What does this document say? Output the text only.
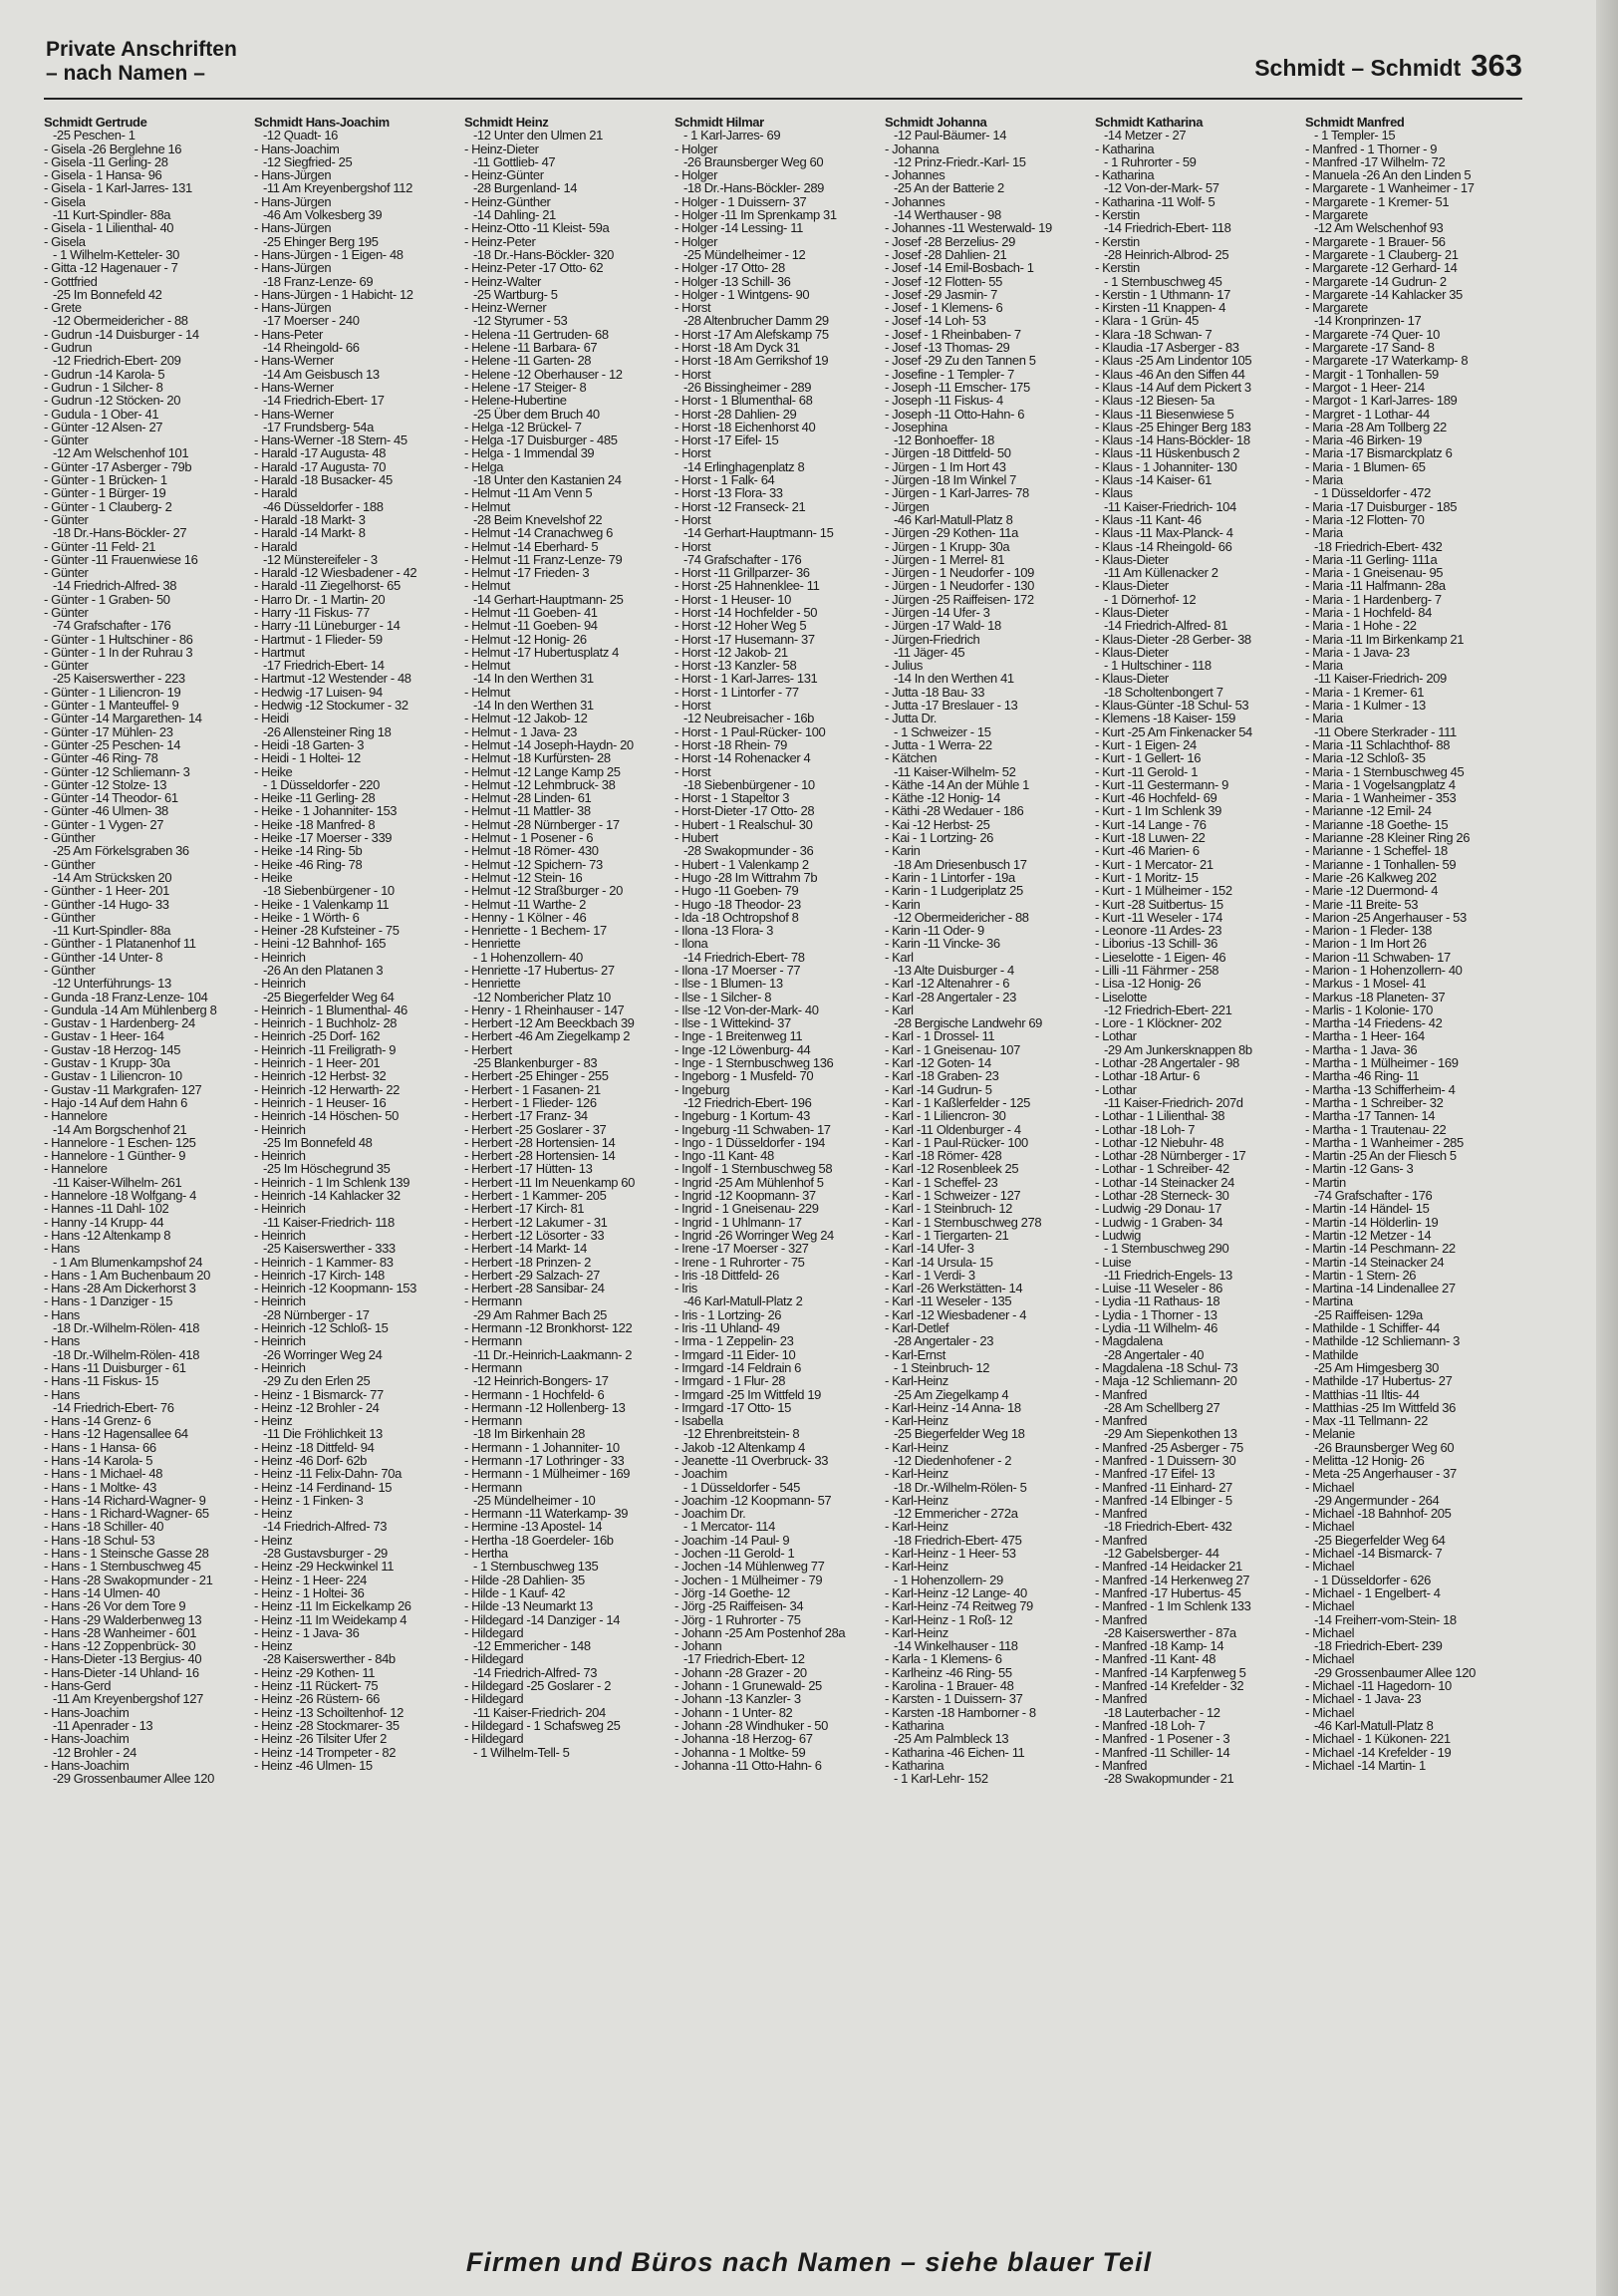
Private Anschriften
– nach Namen –	Schmidt – Schmidt 363
Schmidt Gertrude
-25 Peschen- 1
- Gisela -26 Berglehne 16
- Gisela -11 Gerling- 28
- Gisela - 1 Hansa- 96
- Gisela - 1 Karl-Jarres- 131
- Gisela
-11 Kurt-Spindler- 88a
- Gisela - 1 Lilienthal- 40
- Gisela
- 1 Wilhelm-Ketteler- 30
- Gitta -12 Hagenauer - 7
- Gottfried
-25 Im Bonnefeld 42
- Grete
-12 Obermeidericher - 88
- Gudrun -14 Duisburger - 14
- Gudrun
-12 Friedrich-Ebert- 209
- Gudrun -14 Karola- 5
- Gudrun - 1 Silcher- 8
- Gudrun -12 Stöcken- 20
- Gudula - 1 Ober- 41
- Günter -12 Alsen- 27
- Günter
-12 Am Welschenhof 101
- Günter -17 Asberger - 79b
- Günter - 1 Brücken- 1
- Günter - 1 Bürger- 19
- Günter - 1 Clauberg- 2
- Günter
-18 Dr.-Hans-Böckler- 27
- Günter -11 Feld- 21
- Günter -11 Frauenwiese 16
- Günter
-14 Friedrich-Alfred- 38
- Günter - 1 Graben- 50
- Günter
-74 Grafschafter - 176
- Günter - 1 Hultschiner - 86
- Günter - 1 In der Ruhrau 3
- Günter
-25 Kaiserswerther - 223
- Günter - 1 Liliencron- 19
- Günter - 1 Manteuffel- 9
- Günter -14 Margarethen- 14
- Günter -17 Mühlen- 23
- Günter -25 Peschen- 14
- Günter -46 Ring- 78
- Günter -12 Schliemann- 3
- Günter -12 Stolze- 13
- Günter -14 Theodor- 61
- Günter -46 Ulmen- 38
- Günter - 1 Vygen- 27
- Günther
-25 Am Förkelsgraben 36
- Günther
-14 Am Strücksken 20
- Günther - 1 Heer- 201
- Günther -14 Hugo- 33
- Günther
-11 Kurt-Spindler- 88a
- Günther - 1 Platanenhof 11
- Günther -14 Unter- 8
- Günther
-12 Unterführungs- 13
- Gunda -18 Franz-Lenze- 104
- Gundula -14 Am Mühlenberg 8
- Gustav - 1 Hardenberg- 24
- Gustav - 1 Heer- 164
- Gustav -18 Herzog- 145
- Gustav - 1 Krupp- 30a
- Gustav - 1 Liliencron- 10
- Gustav -11 Markgrafen- 127
- Hajo -14 Auf dem Hahn 6
- Hannelore
-14 Am Borgschenhof 21
- Hannelore - 1 Eschen- 125
- Hannelore - 1 Günther- 9
- Hannelore
-11 Kaiser-Wilhelm- 261
- Hannelore -18 Wolfgang- 4
- Hannes -11 Dahl- 102
- Hanny -14 Krupp- 44
- Hans -12 Altenkamp 8
- Hans
- 1 Am Blumenkampshof 24
- Hans - 1 Am Buchenbaum 20
- Hans -28 Am Dickerhorst 3
- Hans - 1 Danziger - 15
- Hans
-18 Dr.-Wilhelm-Rölen- 418
- Hans
-18 Dr.-Wilhelm-Rölen- 418
- Hans -11 Duisburger - 61
- Hans -11 Fiskus- 15
- Hans
-14 Friedrich-Ebert- 76
- Hans -14 Grenz- 6
- Hans -12 Hagensallee 64
- Hans - 1 Hansa- 66
- Hans -14 Karola- 5
- Hans - 1 Michael- 48
- Hans - 1 Moltke- 43
- Hans -14 Richard-Wagner- 9
- Hans - 1 Richard-Wagner- 65
- Hans -18 Schiller- 40
- Hans -18 Schul- 53
- Hans - 1 Steinsche Gasse 28
- Hans - 1 Sternbuschweg 45
- Hans -28 Swakopmunder - 21
- Hans -14 Ulmen- 40
- Hans -26 Vor dem Tore 9
- Hans -29 Walderbenweg 13
- Hans -28 Wanheimer - 601
- Hans -12 Zoppenbrück- 30
- Hans-Dieter -13 Bergius- 40
- Hans-Dieter -14 Uhland- 16
- Hans-Gerd
-11 Am Kreyenbergshof 127
- Hans-Joachim
-11 Apenrader - 13
- Hans-Joachim
-12 Brohler - 24
- Hans-Joachim
-29 Grossenbaumer Allee 120
Schmidt Hans-Joachim
-12 Quadt- 16
- Hans-Joachim
-12 Siegfried- 25
- Hans-Jürgen
-11 Am Kreyenbergshof 112
- Hans-Jürgen
-46 Am Volkesberg 39
- Hans-Jürgen
-25 Ehinger Berg 195
- Hans-Jürgen - 1 Eigen- 48
- Hans-Jürgen
-18 Franz-Lenze- 69
- Hans-Jürgen - 1 Habicht- 12
- Hans-Jürgen
-17 Moerser - 240
- Hans-Peter
-14 Rheingold- 66
- Hans-Werner
-14 Am Geisbusch 13
- Hans-Werner
-14 Friedrich-Ebert- 17
- Hans-Werner
-17 Frundsberg- 54a
- Hans-Werner -18 Stern- 45
- Harald -17 Augusta- 48
- Harald -17 Augusta- 70
- Harald -18 Busacker- 45
- Harald
-46 Düsseldorfer - 188
- Harald -18 Markt- 3
- Harald -14 Markt- 8
- Harald
-12 Münstereifeler - 3
- Harald -12 Wiesbadener - 42
- Harald -11 Ziegelhorst- 65
- Harro Dr. - 1 Martin- 20
- Harry -11 Fiskus- 77
- Harry -11 Lüneburger - 14
- Hartmut - 1 Flieder- 59
- Hartmut
-17 Friedrich-Ebert- 14
- Hartmut -12 Westender - 48
- Hedwig -17 Luisen- 94
- Hedwig -12 Stockumer - 32
- Heidi
-26 Allensteiner Ring 18
- Heidi -18 Garten- 3
- Heidi - 1 Holtei- 12
- Heike
- 1 Düsseldorfer - 220
- Heike -11 Gerling- 28
- Heike - 1 Johanniter- 153
- Heike -18 Manfred- 8
- Heike -17 Moerser - 339
- Heike -14 Ring- 5b
- Heike -46 Ring- 78
- Heike
-18 Siebenbürgener - 10
- Heike - 1 Valenkamp 11
- Heike - 1 Wörth- 6
- Heiner -28 Kufsteiner - 75
- Heini -12 Bahnhof- 165
- Heinrich
-26 An den Platanen 3
- Heinrich
-25 Biegerfelder Weg 64
- Heinrich - 1 Blumenthal- 46
- Heinrich - 1 Buchholz- 28
- Heinrich -25 Dorf- 162
- Heinrich -11 Freiligrath- 9
- Heinrich - 1 Heer- 201
- Heinrich -12 Herbst- 32
- Heinrich -12 Herwarth- 22
- Heinrich - 1 Heuser- 16
- Heinrich -14 Höschen- 50
- Heinrich
-25 Im Bonnefeld 48
- Heinrich
-25 Im Höschegrund 35
- Heinrich - 1 Im Schlenk 139
- Heinrich -14 Kahlacker 32
- Heinrich
-11 Kaiser-Friedrich- 118
- Heinrich
-25 Kaiserswerther - 333
- Heinrich - 1 Kammer- 83
- Heinrich -17 Kirch- 148
- Heinrich -12 Koopmann- 153
- Heinrich
-28 Nürnberger - 17
- Heinrich -12 Schloß- 15
- Heinrich
-26 Worringer Weg 24
- Heinrich
-29 Zu den Erlen 25
- Heinz - 1 Bismarck- 77
- Heinz -12 Brohler - 24
- Heinz
-11 Die Fröhlichkeit 13
- Heinz -18 Dittfeld- 94
- Heinz -46 Dorf- 62b
- Heinz -11 Felix-Dahn- 70a
- Heinz -14 Ferdinand- 15
- Heinz - 1 Finken- 3
- Heinz
-14 Friedrich-Alfred- 73
- Heinz
-28 Gustavsburger - 29
- Heinz -29 Heckwinkel 11
- Heinz - 1 Heer- 224
- Heinz - 1 Holtei- 36
- Heinz -11 Im Eickelkamp 26
- Heinz -11 Im Weidekamp 4
- Heinz - 1 Java- 36
- Heinz
-28 Kaiserswerther - 84b
- Heinz -29 Kothen- 11
- Heinz -11 Rückert- 75
- Heinz -26 Rüstern- 66
- Heinz -13 Schoiltenhof- 12
- Heinz -28 Stockmarer- 35
- Heinz -26 Tilsiter Ufer 2
- Heinz -14 Trompeter - 82
- Heinz -46 Ulmen- 15
Schmidt Heinz
-12 Unter den Ulmen 21
- Heinz-Dieter
-11 Gottlieb- 47
- Heinz-Günter
-28 Burgenland- 14
- Heinz-Günther
-14 Dahling- 21
- Heinz-Otto -11 Kleist- 59a
- Heinz-Peter
-18 Dr.-Hans-Böckler- 320
- Heinz-Peter -17 Otto- 62
- Heinz-Walter
-25 Wartburg- 5
- Heinz-Werner
-12 Styrumer - 53
- Helena -11 Gertruden- 68
- Helene -11 Barbara- 67
- Helene -11 Garten- 28
- Helene -12 Oberhauser - 12
- Helene -17 Steiger- 8
- Helene-Hubertine
-25 Über dem Bruch 40
- Helga -12 Brückel- 7
- Helga -17 Duisburger - 485
- Helga - 1 Immendal 39
- Helga
-18 Unter den Kastanien 24
- Helmut -11 Am Venn 5
- Helmut
-28 Beim Knevelshof 22
- Helmut -14 Cranachweg 6
- Helmut -14 Eberhard- 5
- Helmut -11 Franz-Lenze- 79
- Helmut -17 Frieden- 3
- Helmut
-14 Gerhart-Hauptmann- 25
- Helmut -11 Goeben- 41
- Helmut -11 Goeben- 94
- Helmut -12 Honig- 26
- Helmut -17 Hubertusplatz 4
- Helmut
-14 In den Werthen 31
- Helmut
-14 In den Werthen 31
- Helmut -12 Jakob- 12
- Helmut - 1 Java- 23
- Helmut -14 Joseph-Haydn- 20
- Helmut -18 Kurfürsten- 28
- Helmut -12 Lange Kamp 25
- Helmut -12 Lehmbruck- 38
- Helmut -28 Linden- 61
- Helmut -11 Mattler- 38
- Helmut -28 Nürnberger - 17
- Helmut - 1 Posener - 6
- Helmut -18 Römer- 430
- Helmut -12 Spichern- 73
- Helmut -12 Stein- 16
- Helmut -12 Straßburger - 20
- Helmut -11 Warthe- 2
- Henny - 1 Kölner - 46
- Henriette - 1 Bechem- 17
- Henriette
- 1 Hohenzollern- 40
- Henriette -17 Hubertus- 27
- Henriette
-12 Nombericher Platz 10
- Henry - 1 Rheinhauser - 147
- Herbert -12 Am Beeckbach 39
- Herbert -46 Am Ziegelkamp 2
- Herbert
-25 Blankenburger - 83
- Herbert -25 Ehinger - 255
- Herbert - 1 Fasanen- 21
- Herbert - 1 Flieder- 126
- Herbert -17 Franz- 34
- Herbert -25 Goslarer - 37
- Herbert -28 Hortensien- 14
- Herbert -28 Hortensien- 14
- Herbert -17 Hütten- 13
- Herbert -11 Im Neuenkamp 60
- Herbert - 1 Kammer- 205
- Herbert -17 Kirch- 81
- Herbert -12 Lakumer - 31
- Herbert -12 Lösorter - 33
- Herbert -14 Markt- 14
- Herbert -18 Prinzen- 2
- Herbert -29 Salzach- 27
- Herbert -28 Sansibar- 24
- Hermann
-29 Am Rahmer Bach 25
- Hermann -12 Bronkhorst- 122
- Hermann
-11 Dr.-Heinrich-Laakmann- 2
- Hermann
-12 Heinrich-Bongers- 17
- Hermann - 1 Hochfeld- 6
- Hermann -12 Hollenberg- 13
- Hermann
-18 Im Birkenhain 28
- Hermann - 1 Johanniter- 10
- Hermann -17 Lothringer - 33
- Hermann - 1 Mülheimer - 169
- Hermann
-25 Mündelheimer - 10
- Hermann -11 Waterkamp- 39
- Hermine -13 Apostel- 14
- Hertha -18 Goerdeler- 16b
- Hertha
- 1 Sternbuschweg 135
- Hilde -28 Dahlien- 35
- Hilde - 1 Kauf- 42
- Hilde -13 Neumarkt 13
- Hildegard -14 Danziger - 14
- Hildegard
-12 Emmericher - 148
- Hildegard
-14 Friedrich-Alfred- 73
- Hildegard -25 Goslarer - 2
- Hildegard
-11 Kaiser-Friedrich- 204
- Hildegard - 1 Schafsweg 25
- Hildegard
- 1 Wilhelm-Tell- 5
Schmidt Hilmar
- 1 Karl-Jarres- 69
- Holger
-26 Braunsberger Weg 60
- Holger
-18 Dr.-Hans-Böckler- 289
- Holger - 1 Duissern- 37
- Holger -11 Im Sprenkamp 31
- Holger -14 Lessing- 11
- Holger
-25 Mündelheimer - 12
- Holger -17 Otto- 28
- Holger -13 Schill- 36
- Holger - 1 Wintgens- 90
- Horst
-28 Altenbrucher Damm 29
- Horst -17 Am Alefskamp 75
- Horst -18 Am Dyck 31
- Horst -18 Am Gerrikshof 19
- Horst
-26 Bissingheimer - 289
- Horst - 1 Blumenthal- 68
- Horst -28 Dahlien- 29
- Horst -18 Eichenhorst 40
- Horst -17 Eifel- 15
- Horst
-14 Erlinghagenplatz 8
- Horst - 1 Falk- 64
- Horst -13 Flora- 33
- Horst -12 Franseck- 21
- Horst
-14 Gerhart-Hauptmann- 15
- Horst
-74 Grafschafter - 176
- Horst -11 Grillparzer- 36
- Horst -25 Hahnenklee- 11
- Horst - 1 Heuser- 10
- Horst -14 Hochfelder - 50
- Horst -12 Hoher Weg 5
- Horst -17 Husemann- 37
- Horst -12 Jakob- 21
- Horst -13 Kanzler- 58
- Horst - 1 Karl-Jarres- 131
- Horst - 1 Lintorfer - 77
- Horst
-12 Neubreisacher - 16b
- Horst - 1 Paul-Rücker- 100
- Horst -18 Rhein- 79
- Horst -14 Rohenacker 4
- Horst
-18 Siebenbürgener - 10
- Horst - 1 Stapeltor 3
- Horst-Dieter -17 Otto- 28
- Hubert - 1 Realschul- 30
- Hubert
-28 Swakopmunder - 36
- Hubert - 1 Valenkamp 2
- Hugo -28 Im Wittrahm 7b
- Hugo -11 Goeben- 79
- Hugo -18 Theodor- 23
- Ida -18 Ochtropshof 8
- Ilona -13 Flora- 3
- Ilona
-14 Friedrich-Ebert- 78
- Ilona -17 Moerser - 77
- Ilse - 1 Blumen- 13
- Ilse - 1 Silcher- 8
- Ilse -12 Von-der-Mark- 40
- Ilse - 1 Wittekind- 37
- Inge - 1 Breitenweg 11
- Inge -12 Löwenburg- 44
- Inge - 1 Sternbuschweg 136
- Ingeborg - 1 Musfeld- 70
- Ingeburg
-12 Friedrich-Ebert- 196
- Ingeburg - 1 Kortum- 43
- Ingeburg -11 Schwaben- 17
- Ingo - 1 Düsseldorfer - 194
- Ingo -11 Kant- 48
- Ingolf - 1 Sternbuschweg 58
- Ingrid -25 Am Mühlenhof 5
- Ingrid -12 Koopmann- 37
- Ingrid - 1 Gneisenau- 229
- Ingrid - 1 Uhlmann- 17
- Ingrid -26 Worringer Weg 24
- Irene -17 Moerser - 327
- Irene - 1 Ruhrorter - 75
- Iris -18 Dittfeld- 26
- Iris
-46 Karl-Matull-Platz 2
- Iris - 1 Lortzing- 26
- Iris -11 Uhland- 49
- Irma - 1 Zeppelin- 23
- Irmgard -11 Eider- 10
- Irmgard -14 Feldrain 6
- Irmgard - 1 Flur- 28
- Irmgard -25 Im Wittfeld 19
- Irmgard -17 Otto- 15
- Isabella
-12 Ehrenbreitstein- 8
- Jakob -12 Altenkamp 4
- Jeanette -11 Overbruck- 33
- Joachim
- 1 Düsseldorfer - 545
- Joachim -12 Koopmann- 57
- Joachim Dr.
- 1 Mercator- 114
- Joachim -14 Paul- 9
- Jochen -11 Gerold- 1
- Jochen -14 Mühlenweg 77
- Jochen - 1 Mülheimer - 79
- Jörg -14 Goethe- 12
- Jörg -25 Raiffeisen- 34
- Jörg - 1 Ruhrorter - 75
- Johann -25 Am Postenhof 28a
- Johann
-17 Friedrich-Ebert- 12
- Johann -28 Grazer - 20
- Johann - 1 Grunewald- 25
- Johann -13 Kanzler- 3
- Johann - 1 Unter- 82
- Johann -28 Windhuker - 50
- Johanna -18 Herzog- 67
- Johanna - 1 Moltke- 59
- Johanna -11 Otto-Hahn- 6
Schmidt Johanna
-12 Paul-Bäumer- 14
- Johanna
-12 Prinz-Friedr.-Karl- 15
- Johannes
-25 An der Batterie 2
- Johannes
-14 Werthauser - 98
- Johannes -11 Westerwald- 19
- Josef -28 Berzelius- 29
- Josef -28 Dahlien- 21
- Josef -14 Emil-Bosbach- 1
- Josef -12 Flotten- 55
- Josef -29 Jasmin- 7
- Josef - 1 Klemens- 6
- Josef -14 Loh- 53
- Josef - 1 Rheinbaben- 7
- Josef -13 Thomas- 29
- Josef -29 Zu den Tannen 5
- Josefine - 1 Templer- 7
- Joseph -11 Emscher- 175
- Joseph -11 Fiskus- 4
- Joseph -11 Otto-Hahn- 6
- Josephina
-12 Bonhoeffer- 18
- Jürgen -18 Dittfeld- 50
- Jürgen - 1 Im Hort 43
- Jürgen -18 Im Winkel 7
- Jürgen - 1 Karl-Jarres- 78
- Jürgen
-46 Karl-Matull-Platz 8
- Jürgen -29 Kothen- 11a
- Jürgen - 1 Krupp- 30a
- Jürgen - 1 Merrel- 81
- Jürgen - 1 Neudorfer - 109
- Jürgen - 1 Neudorfer - 130
- Jürgen -25 Raiffeisen- 172
- Jürgen -14 Ufer- 3
- Jürgen -17 Wald- 18
- Jürgen-Friedrich
-11 Jäger- 45
- Julius
-14 In den Werthen 41
- Jutta -18 Bau- 33
- Jutta -17 Breslauer - 13
- Jutta Dr.
- 1 Schweizer - 15
- Jutta - 1 Werra- 22
- Kätchen
-11 Kaiser-Wilhelm- 52
- Käthe -14 An der Mühle 1
- Käthe -12 Honig- 14
- Käthi -28 Wedauer - 186
- Kai -12 Herbst- 25
- Kai - 1 Lortzing- 26
- Karin
-18 Am Driesenbusch 17
- Karin - 1 Lintorfer - 19a
- Karin - 1 Ludgeriplatz 25
- Karin
-12 Obermeidericher - 88
- Karin -11 Oder- 9
- Karin -11 Vincke- 36
- Karl
-13 Alte Duisburger - 4
- Karl -12 Altenahrer - 6
- Karl -28 Angertaler - 23
- Karl
-28 Bergische Landwehr 69
- Karl - 1 Drossel- 11
- Karl - 1 Gneisenau- 107
- Karl -12 Goten- 14
- Karl -18 Graben- 23
- Karl -14 Gudrun- 5
- Karl - 1 Kaßlerfelder - 125
- Karl - 1 Liliencron- 30
- Karl -11 Oldenburger - 4
- Karl - 1 Paul-Rücker- 100
- Karl -18 Römer- 428
- Karl -12 Rosenbleek 25
- Karl - 1 Scheffel- 23
- Karl - 1 Schweizer - 127
- Karl - 1 Steinbruch- 12
- Karl - 1 Sternbuschweg 278
- Karl - 1 Tiergarten- 21
- Karl -14 Ufer- 3
- Karl -14 Ursula- 15
- Karl - 1 Verdi- 3
- Karl -26 Werkstätten- 14
- Karl -11 Weseler - 135
- Karl -12 Wiesbadener - 4
- Karl-Detlef
-28 Angertaler - 23
- Karl-Ernst
- 1 Steinbruch- 12
- Karl-Heinz
-25 Am Ziegelkamp 4
- Karl-Heinz -14 Anna- 18
- Karl-Heinz
-25 Biegerfelder Weg 18
- Karl-Heinz
-12 Diedenhofener - 2
- Karl-Heinz
-18 Dr.-Wilhelm-Rölen- 5
- Karl-Heinz
-12 Emmericher - 272a
- Karl-Heinz
-18 Friedrich-Ebert- 475
- Karl-Heinz - 1 Heer- 53
- Karl-Heinz
- 1 Hohenzollern- 29
- Karl-Heinz -12 Lange- 40
- Karl-Heinz -74 Reitweg 79
- Karl-Heinz - 1 Roß- 12
- Karl-Heinz
-14 Winkelhauser - 118
- Karla - 1 Klemens- 6
- Karlheinz -46 Ring- 55
- Karolina - 1 Brauer- 48
- Karsten - 1 Duissern- 37
- Karsten -18 Hamborner - 8
- Katharina
-25 Am Palmbleck 13
- Katharina -46 Eichen- 11
- Katharina
- 1 Karl-Lehr- 152
Schmidt Katharina
-14 Metzer - 27
- Katharina
- 1 Ruhrorter - 59
- Katharina
-12 Von-der-Mark- 57
- Katharina -11 Wolf- 5
- Kerstin
-14 Friedrich-Ebert- 118
- Kerstin
-28 Heinrich-Albrod- 25
- Kerstin
- 1 Sternbuschweg 45
- Kerstin - 1 Uthmann- 17
- Kirsten -11 Knappen- 4
- Klara - 1 Grün- 45
- Klara -18 Schwan- 7
- Klaudia -17 Asberger - 83
- Klaus -25 Am Lindentor 105
- Klaus -46 An den Siffen 44
- Klaus -14 Auf dem Pickert 3
- Klaus -12 Biesen- 5a
- Klaus -11 Biesenwiese 5
- Klaus -25 Ehinger Berg 183
- Klaus -14 Hans-Böckler- 18
- Klaus -11 Hüskenbusch 2
- Klaus - 1 Johanniter- 130
- Klaus -14 Kaiser- 61
- Klaus
-11 Kaiser-Friedrich- 104
- Klaus -11 Kant- 46
- Klaus -11 Max-Planck- 4
- Klaus -14 Rheingold- 66
- Klaus-Dieter
-11 Am Küllenacker 2
- Klaus-Dieter
- 1 Dörnerhof- 12
- Klaus-Dieter
-14 Friedrich-Alfred- 81
- Klaus-Dieter -28 Gerber- 38
- Klaus-Dieter
- 1 Hultschiner - 118
- Klaus-Dieter
-18 Scholtenbongert 7
- Klaus-Günter -18 Schul- 53
- Klemens -18 Kaiser- 159
- Kurt -25 Am Finkenacker 54
- Kurt - 1 Eigen- 24
- Kurt - 1 Gellert- 16
- Kurt -11 Gerold- 1
- Kurt -11 Gestermann- 9
- Kurt -46 Hochfeld- 69
- Kurt - 1 Im Schlenk 39
- Kurt -14 Lange - 76
- Kurt -18 Luwen- 22
- Kurt -46 Marien- 6
- Kurt - 1 Mercator- 21
- Kurt - 1 Moritz- 15
- Kurt - 1 Mülheimer - 152
- Kurt -28 Suitbertus- 15
- Kurt -11 Weseler - 174
- Leonore -11 Ardes- 23
- Liborius -13 Schill- 36
- Lieselotte - 1 Eigen- 46
- Lilli -11 Fährmer - 258
- Lisa -12 Honig- 26
- Liselotte
-12 Friedrich-Ebert- 221
- Lore - 1 Klöckner- 202
- Lothar
-29 Am Junkersknappen 8b
- Lothar -28 Angertaler - 98
- Lothar -18 Artur- 6
- Lothar
-11 Kaiser-Friedrich- 207d
- Lothar - 1 Lilienthal- 38
- Lothar -18 Loh- 7
- Lothar -12 Niebuhr- 48
- Lothar -28 Nürnberger - 17
- Lothar - 1 Schreiber- 42
- Lothar -14 Steinacker 24
- Lothar -28 Sterneck- 30
- Ludwig -29 Donau- 17
- Ludwig - 1 Graben- 34
- Ludwig
- 1 Sternbuschweg 290
- Luise
-11 Friedrich-Engels- 13
- Luise -11 Weseler - 86
- Lydia -11 Rathaus- 18
- Lydia - 1 Thorner - 13
- Lydia -11 Wilhelm- 46
- Magdalena
-28 Angertaler - 40
- Magdalena -18 Schul- 73
- Maja -12 Schliemann- 20
- Manfred
-28 Am Schellberg 27
- Manfred
-29 Am Siepenkothen 13
- Manfred -25 Asberger - 75
- Manfred - 1 Duissern- 30
- Manfred -17 Eifel- 13
- Manfred -11 Einhard- 27
- Manfred -14 Elbinger - 5
- Manfred
-18 Friedrich-Ebert- 432
- Manfred
-12 Gabelsberger- 44
- Manfred -14 Heidacker 21
- Manfred -14 Herkenweg 27
- Manfred -17 Hubertus- 45
- Manfred - 1 Im Schlenk 133
- Manfred
-28 Kaiserswerther - 87a
- Manfred -18 Kamp- 14
- Manfred -11 Kant- 48
- Manfred -14 Karpfenweg 5
- Manfred -14 Krefelder - 32
- Manfred
-18 Lauterbacher - 12
- Manfred -18 Loh- 7
- Manfred - 1 Posener - 3
- Manfred -11 Schiller- 14
- Manfred
-28 Swakopmunder - 21
Schmidt Manfred
- 1 Templer- 15
- Manfred - 1 Thorner - 9
- Manfred -17 Wilhelm- 72
- Manuela -26 An den Linden 5
- Margarete - 1 Wanheimer - 17
- Margarete - 1 Kremer- 51
- Margarete
-12 Am Welschenhof 93
- Margarete - 1 Brauer- 56
- Margarete - 1 Clauberg- 21
- Margarete -12 Gerhard- 14
- Margarete -14 Gudrun- 2
- Margarete -14 Kahlacker 35
- Margarete
-14 Kronprinzen- 17
- Margarete -74 Quer- 10
- Margarete -17 Sand- 8
- Margarete -17 Waterkamp- 8
- Margit - 1 Tonhallen- 59
- Margot - 1 Heer- 214
- Margot - 1 Karl-Jarres- 189
- Margret - 1 Lothar- 44
- Maria -28 Am Tollberg 22
- Maria -46 Birken- 19
- Maria -17 Bismarckplatz 6
- Maria - 1 Blumen- 65
- Maria
- 1 Düsseldorfer - 472
- Maria -17 Duisburger - 185
- Maria -12 Flotten- 70
- Maria
-18 Friedrich-Ebert- 432
- Maria -11 Gerling- 111a
- Maria - 1 Gneisenau- 95
- Maria -11 Halfmann- 28a
- Maria - 1 Hardenberg- 7
- Maria - 1 Hochfeld- 84
- Maria - 1 Hohe - 22
- Maria -11 Im Birkenkamp 21
- Maria - 1 Java- 23
- Maria
-11 Kaiser-Friedrich- 209
- Maria - 1 Kremer- 61
- Maria - 1 Kulmer - 13
- Maria
-11 Obere Sterkrader - 111
- Maria -11 Schlachthof- 88
- Maria -12 Schloß- 35
- Maria - 1 Sternbuschweg 45
- Maria - 1 Vogelsangplatz 4
- Maria - 1 Wanheimer - 353
- Marianne -12 Emil- 24
- Marianne -18 Goethe- 15
- Marianne -28 Kleiner Ring 26
- Marianne - 1 Scheffel- 18
- Marianne - 1 Tonhallen- 59
- Marie -26 Kalkweg 202
- Marie -12 Duermond- 4
- Marie -11 Breite- 53
- Marion -25 Angerhauser - 53
- Marion - 1 Fleder- 138
- Marion - 1 Im Hort 26
- Marion -11 Schwaben- 17
- Marion - 1 Hohenzollern- 40
- Markus - 1 Mosel- 41
- Markus -18 Planeten- 37
- Marlis - 1 Kolonie- 170
- Martha -14 Friedens- 42
- Martha - 1 Heer- 164
- Martha - 1 Java- 36
- Martha - 1 Mülheimer - 169
- Martha -46 Ring- 11
- Martha -13 Schifferheim- 4
- Martha - 1 Schreiber- 32
- Martha -17 Tannen- 14
- Martha - 1 Trautenau- 22
- Martha - 1 Wanheimer - 285
- Martin -25 An der Fliesch 5
- Martin -12 Gans- 3
- Martin
-74 Grafschafter - 176
- Martin -14 Händel- 15
- Martin -14 Hölderlin- 19
- Martin -12 Metzer - 14
- Martin -14 Peschmann- 22
- Martin -14 Steinacker 24
- Martin - 1 Stern- 26
- Martina -14 Lindenallee 27
- Martina
-25 Raiffeisen- 129a
- Mathilde - 1 Schiffer- 44
- Mathilde -12 Schliemann- 3
- Mathilde
-25 Am Himgesberg 30
- Mathilde -17 Hubertus- 27
- Matthias -11 Iltis- 44
- Matthias -25 Im Wittfeld 36
- Max -11 Tellmann- 22
- Melanie
-26 Braunsberger Weg 60
- Melitta -12 Honig- 26
- Meta -25 Angerhauser - 37
- Michael
-29 Angermunder - 264
- Michael -18 Bahnhof- 205
- Michael
-25 Biegerfelder Weg 64
- Michael -14 Bismarck- 7
- Michael
- 1 Düsseldorfer - 626
- Michael - 1 Engelbert- 4
- Michael
-14 Freiherr-vom-Stein- 18
- Michael
-18 Friedrich-Ebert- 239
- Michael
-29 Grossenbaumer Allee 120
- Michael -11 Hagedorn- 10
- Michael - 1 Java- 23
- Michael
-46 Karl-Matull-Platz 8
- Michael - 1 Kükonen- 221
- Michael -14 Krefelder - 19
- Michael -14 Martin- 1
Firmen und Büros nach Namen – siehe blauer Teil
